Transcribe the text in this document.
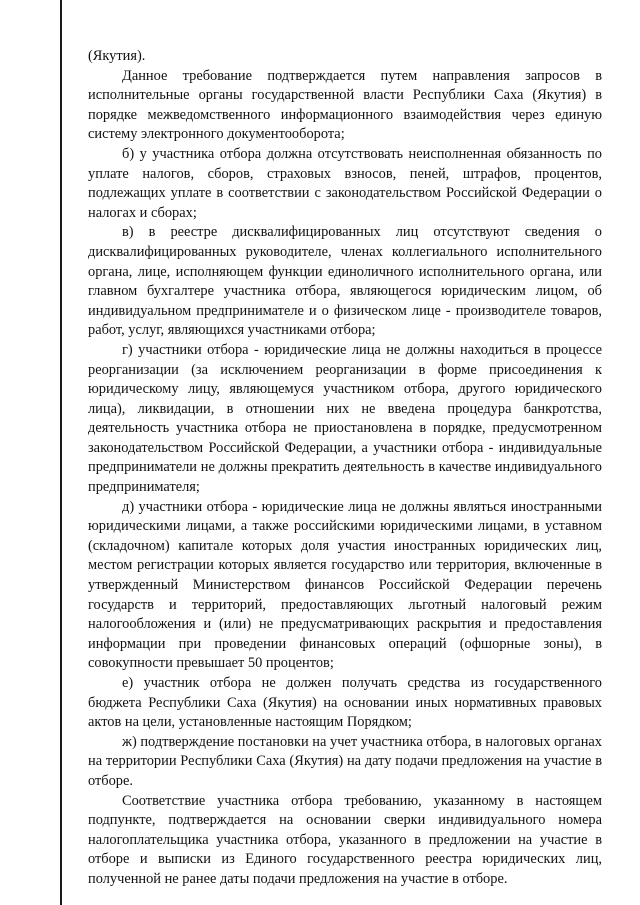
(Якутия).

Данное требование подтверждается путем направления запросов в исполнительные органы государственной власти Республики Саха (Якутия) в порядке межведомственного информационного взаимодействия через единую систему электронного документооборота;

б) у участника отбора должна отсутствовать неисполненная обязанность по уплате налогов, сборов, страховых взносов, пеней, штрафов, процентов, подлежащих уплате в соответствии с законодательством Российской Федерации о налогах и сборах;

в) в реестре дисквалифицированных лиц отсутствуют сведения о дисквалифицированных руководителе, членах коллегиального исполнительного органа, лице, исполняющем функции единоличного исполнительного органа, или главном бухгалтере участника отбора, являющегося юридическим лицом, об индивидуальном предпринимателе и о физическом лице - производителе товаров, работ, услуг, являющихся участниками отбора;

г) участники отбора - юридические лица не должны находиться в процессе реорганизации (за исключением реорганизации в форме присоединения к юридическому лицу, являющемуся участником отбора, другого юридического лица), ликвидации, в отношении них не введена процедура банкротства, деятельность участника отбора не приостановлена в порядке, предусмотренном законодательством Российской Федерации, а участники отбора - индивидуальные предприниматели не должны прекратить деятельность в качестве индивидуального предпринимателя;

д) участники отбора - юридические лица не должны являться иностранными юридическими лицами, а также российскими юридическими лицами, в уставном (складочном) капитале которых доля участия иностранных юридических лиц, местом регистрации которых является государство или территория, включенные в утвержденный Министерством финансов Российской Федерации перечень государств и территорий, предоставляющих льготный налоговый режим налогообложения и (или) не предусматривающих раскрытия и предоставления информации при проведении финансовых операций (офшорные зоны), в совокупности превышает 50 процентов;

е) участник отбора не должен получать средства из государственного бюджета Республики Саха (Якутия) на основании иных нормативных правовых актов на цели, установленные настоящим Порядком;

ж) подтверждение постановки на учет участника отбора, в налоговых органах на территории Республики Саха (Якутия) на дату подачи предложения на участие в отборе.

Соответствие участника отбора требованию, указанному в настоящем подпункте, подтверждается на основании сверки индивидуального номера налогоплательщика участника отбора, указанного в предложении на участие в отборе и выписки из Единого государственного реестра юридических лиц, полученной не ранее даты подачи предложения на участие в отборе.
